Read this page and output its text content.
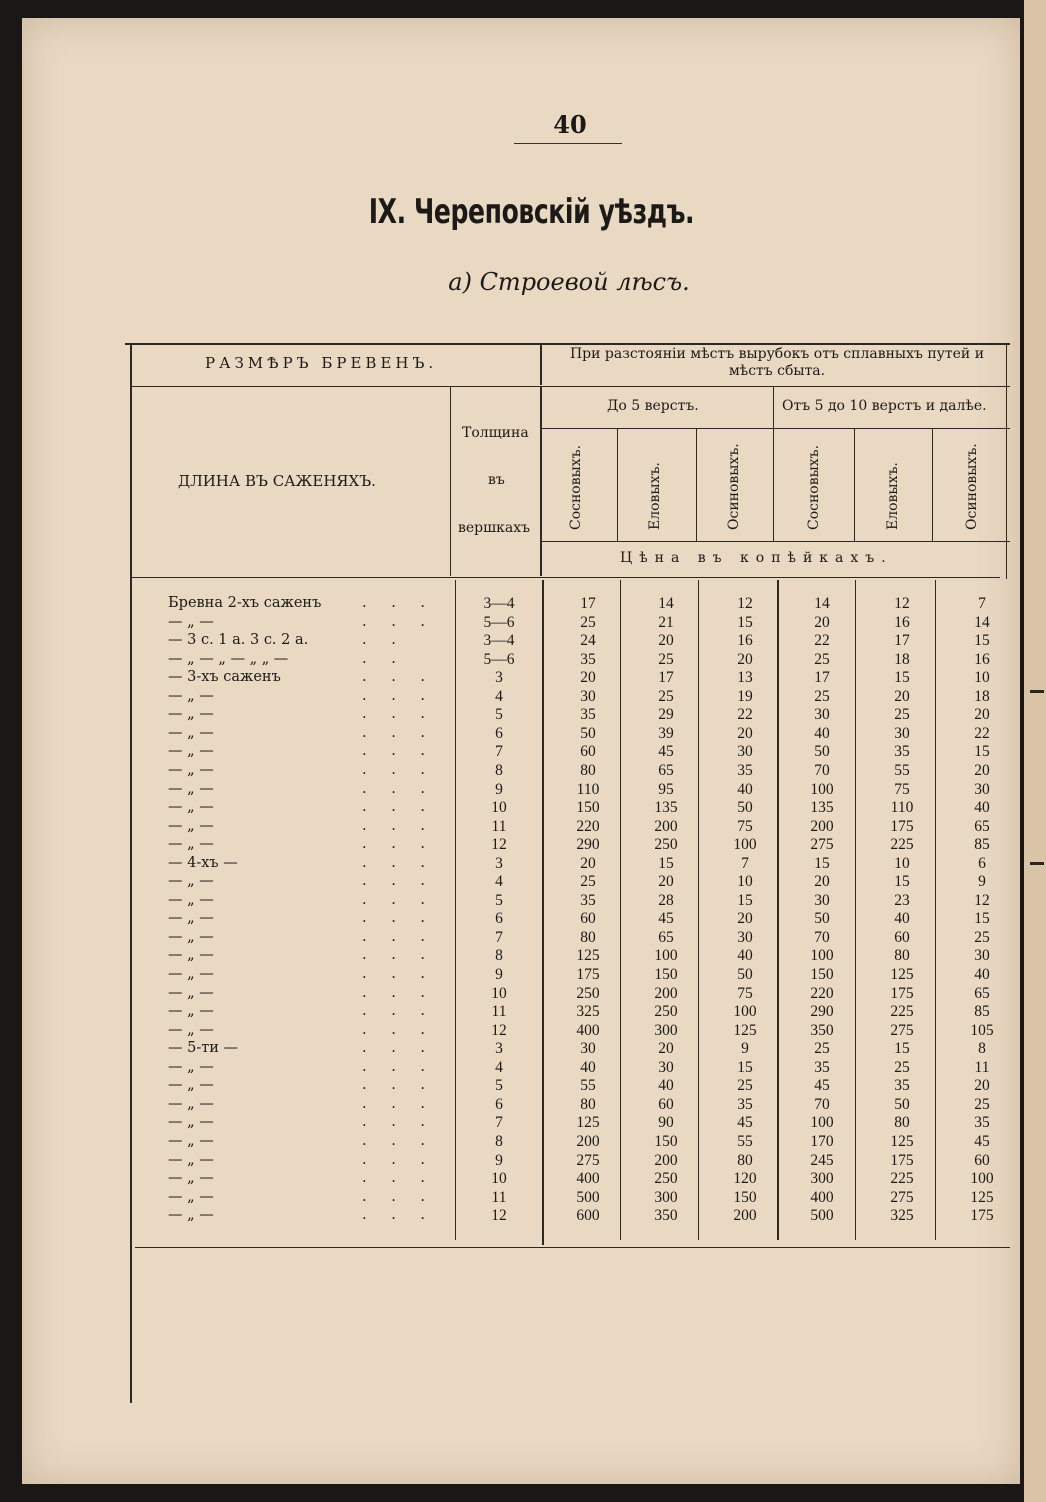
40
IX. Череповскій уѣздъ.
а) Строевой лѣсъ.
РАЗМѢРЪ БРЕВЕНЪ.	При разстояніи мѣстъ вырубокъ отъ сплавныхъ путей и мѣстъ сбыта.
До 5 верстъ.	Отъ 5 до 10 верстъ и далѣе.
ДЛИНА ВЪ САЖЕНЯХЪ.
Толщина
въ
вершкахъ	Сосновыхъ.	Еловыхъ.	Осиновыхъ.	Сосновыхъ.	Еловыхъ.	Осиновыхъ.
Цѣна въ копѣйкахъ.
Бревна 2-хъ саженъ	. . .	3—4	17	14	12	14	12	7
— „ —	. . .	5—6	25	21	15	20	16	14
— 3 с. 1 а. 3 с. 2 а.	. .	3—4	24	20	16	22	17	15
— „ — „ — „ „ —	. .	5—6	35	25	20	25	18	16
— 3-хъ саженъ	. . .	3	20	17	13	17	15	10
— „ —	. . .	4	30	25	19	25	20	18
— „ —	. . .	5	35	29	22	30	25	20
— „ —	. . .	6	50	39	20	40	30	22
— „ —	. . .	7	60	45	30	50	35	15
— „ —	. . .	8	80	65	35	70	55	20
— „ —	. . .	9	110	95	40	100	75	30
— „ —	. . .	10	150	135	50	135	110	40
— „ —	. . .	11	220	200	75	200	175	65
— „ —	. . .	12	290	250	100	275	225	85
— 4-хъ —	. . .	3	20	15	7	15	10	6
— „ —	. . .	4	25	20	10	20	15	9
— „ —	. . .	5	35	28	15	30	23	12
— „ —	. . .	6	60	45	20	50	40	15
— „ —	. . .	7	80	65	30	70	60	25
— „ —	. . .	8	125	100	40	100	80	30
— „ —	. . .	9	175	150	50	150	125	40
— „ —	. . .	10	250	200	75	220	175	65
— „ —	. . .	11	325	250	100	290	225	85
— „ —	. . .	12	400	300	125	350	275	105
— 5-ти —	. . .	3	30	20	9	25	15	8
— „ —	. . .	4	40	30	15	35	25	11
— „ —	. . .	5	55	40	25	45	35	20
— „ —	. . .	6	80	60	35	70	50	25
— „ —	. . .	7	125	90	45	100	80	35
— „ —	. . .	8	200	150	55	170	125	45
— „ —	. . .	9	275	200	80	245	175	60
— „ —	. . .	10	400	250	120	300	225	100
— „ —	. . .	11	500	300	150	400	275	125
— „ —	. . .	12	600	350	200	500	325	175
